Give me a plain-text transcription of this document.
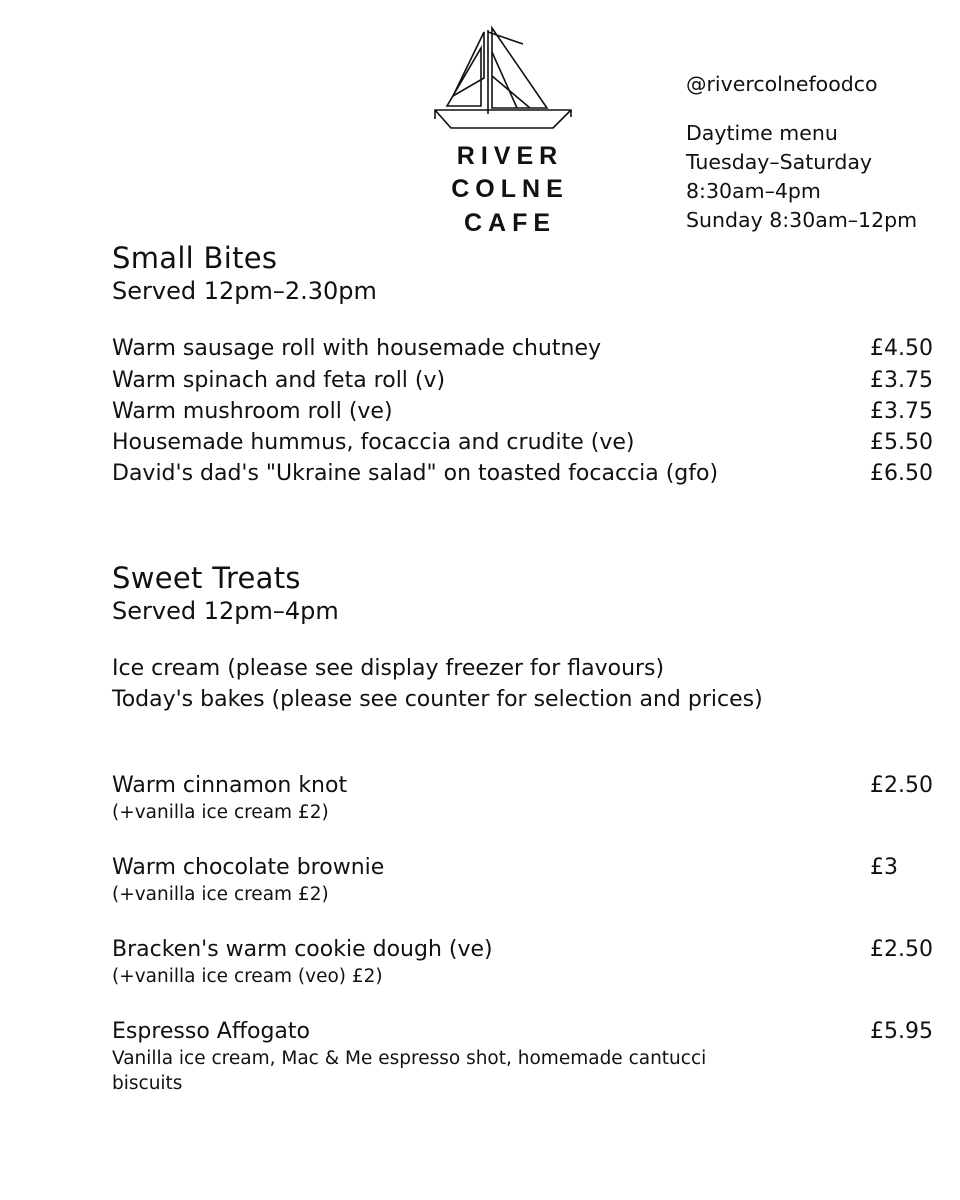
RIVER
COLNE
CAFE
@rivercolnefoodco
Daytime menu
Tuesday–Saturday
8:30am–4pm
Sunday 8:30am–12pm
Small Bites
Served 12pm–2.30pm
Warm sausage roll with housemade chutney	£4.50
Warm spinach and feta roll (v)	£3.75
Warm mushroom roll (ve)	£3.75
Housemade hummus, focaccia and crudite (ve)	£5.50
David's dad's "Ukraine salad" on toasted focaccia (gfo)	£6.50
Sweet Treats
Served 12pm–4pm
Ice cream (please see display freezer for flavours)
Today's bakes (please see counter for selection and prices)
Warm cinnamon knot	£2.50
(+vanilla ice cream £2)
Warm chocolate brownie	£3
(+vanilla ice cream £2)
Bracken's warm cookie dough (ve)	£2.50
(+vanilla ice cream (veo) £2)
Espresso Affogato	£5.95
Vanilla ice cream, Mac & Me espresso shot, homemade cantucci biscuits
